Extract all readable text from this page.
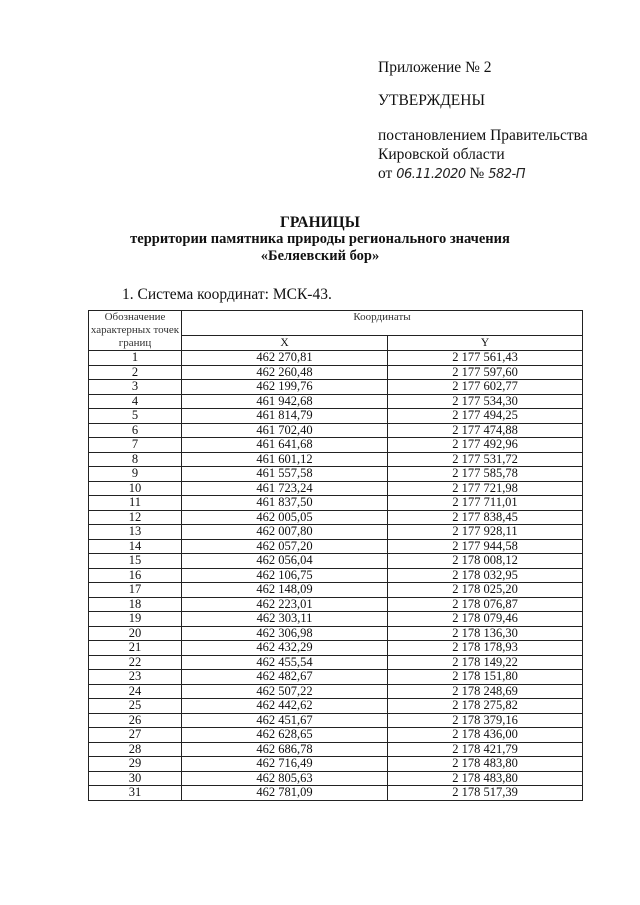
Приложение № 2
УТВЕРЖДЕНЫ
постановлением Правительства
Кировской области
от 06.11.2020 № 582-П
ГРАНИЦЫ
территории памятника природы регионального значения
«Беляевский бор»
1. Система координат: МСК-43.
Обозначение характерных точек границ	Координаты	
	X	Y
1	462 270,81	2 177 561,43
2	462 260,48	2 177 597,60
3	462 199,76	2 177 602,77
4	461 942,68	2 177 534,30
5	461 814,79	2 177 494,25
6	461 702,40	2 177 474,88
7	461 641,68	2 177 492,96
8	461 601,12	2 177 531,72
9	461 557,58	2 177 585,78
10	461 723,24	2 177 721,98
11	461 837,50	2 177 711,01
12	462 005,05	2 177 838,45
13	462 007,80	2 177 928,11
14	462 057,20	2 177 944,58
15	462 056,04	2 178 008,12
16	462 106,75	2 178 032,95
17	462 148,09	2 178 025,20
18	462 223,01	2 178 076,87
19	462 303,11	2 178 079,46
20	462 306,98	2 178 136,30
21	462 432,29	2 178 178,93
22	462 455,54	2 178 149,22
23	462 482,67	2 178 151,80
24	462 507,22	2 178 248,69
25	462 442,62	2 178 275,82
26	462 451,67	2 178 379,16
27	462 628,65	2 178 436,00
28	462 686,78	2 178 421,79
29	462 716,49	2 178 483,80
30	462 805,63	2 178 483,80
31	462 781,09	2 178 517,39
